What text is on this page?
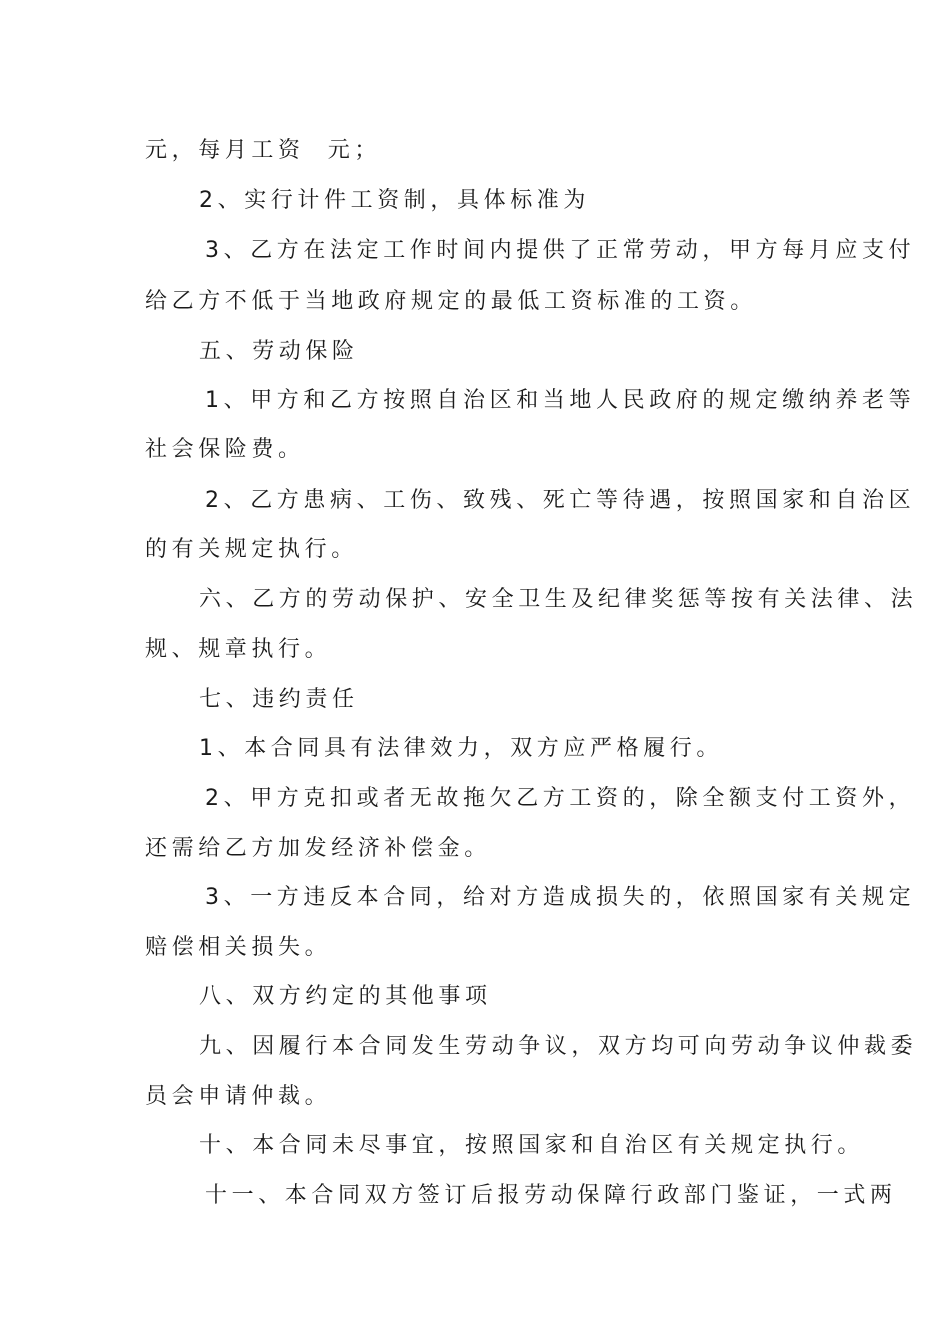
元，每月工资  元；
2、实行计件工资制，具体标准为
3、乙方在法定工作时间内提供了正常劳动，甲方每月应支付
给乙方不低于当地政府规定的最低工资标准的工资。
五、劳动保险
1、甲方和乙方按照自治区和当地人民政府的规定缴纳养老等
社会保险费。
2、乙方患病、工伤、致残、死亡等待遇，按照国家和自治区
的有关规定执行。
六、乙方的劳动保护、安全卫生及纪律奖惩等按有关法律、法
规、规章执行。
七、违约责任
1、本合同具有法律效力，双方应严格履行。
2、甲方克扣或者无故拖欠乙方工资的，除全额支付工资外，
还需给乙方加发经济补偿金。
3、一方违反本合同，给对方造成损失的，依照国家有关规定
赔偿相关损失。
八、双方约定的其他事项
九、因履行本合同发生劳动争议，双方均可向劳动争议仲裁委
员会申请仲裁。
十、本合同未尽事宜，按照国家和自治区有关规定执行。
十一、本合同双方签订后报劳动保障行政部门鉴证，一式两
